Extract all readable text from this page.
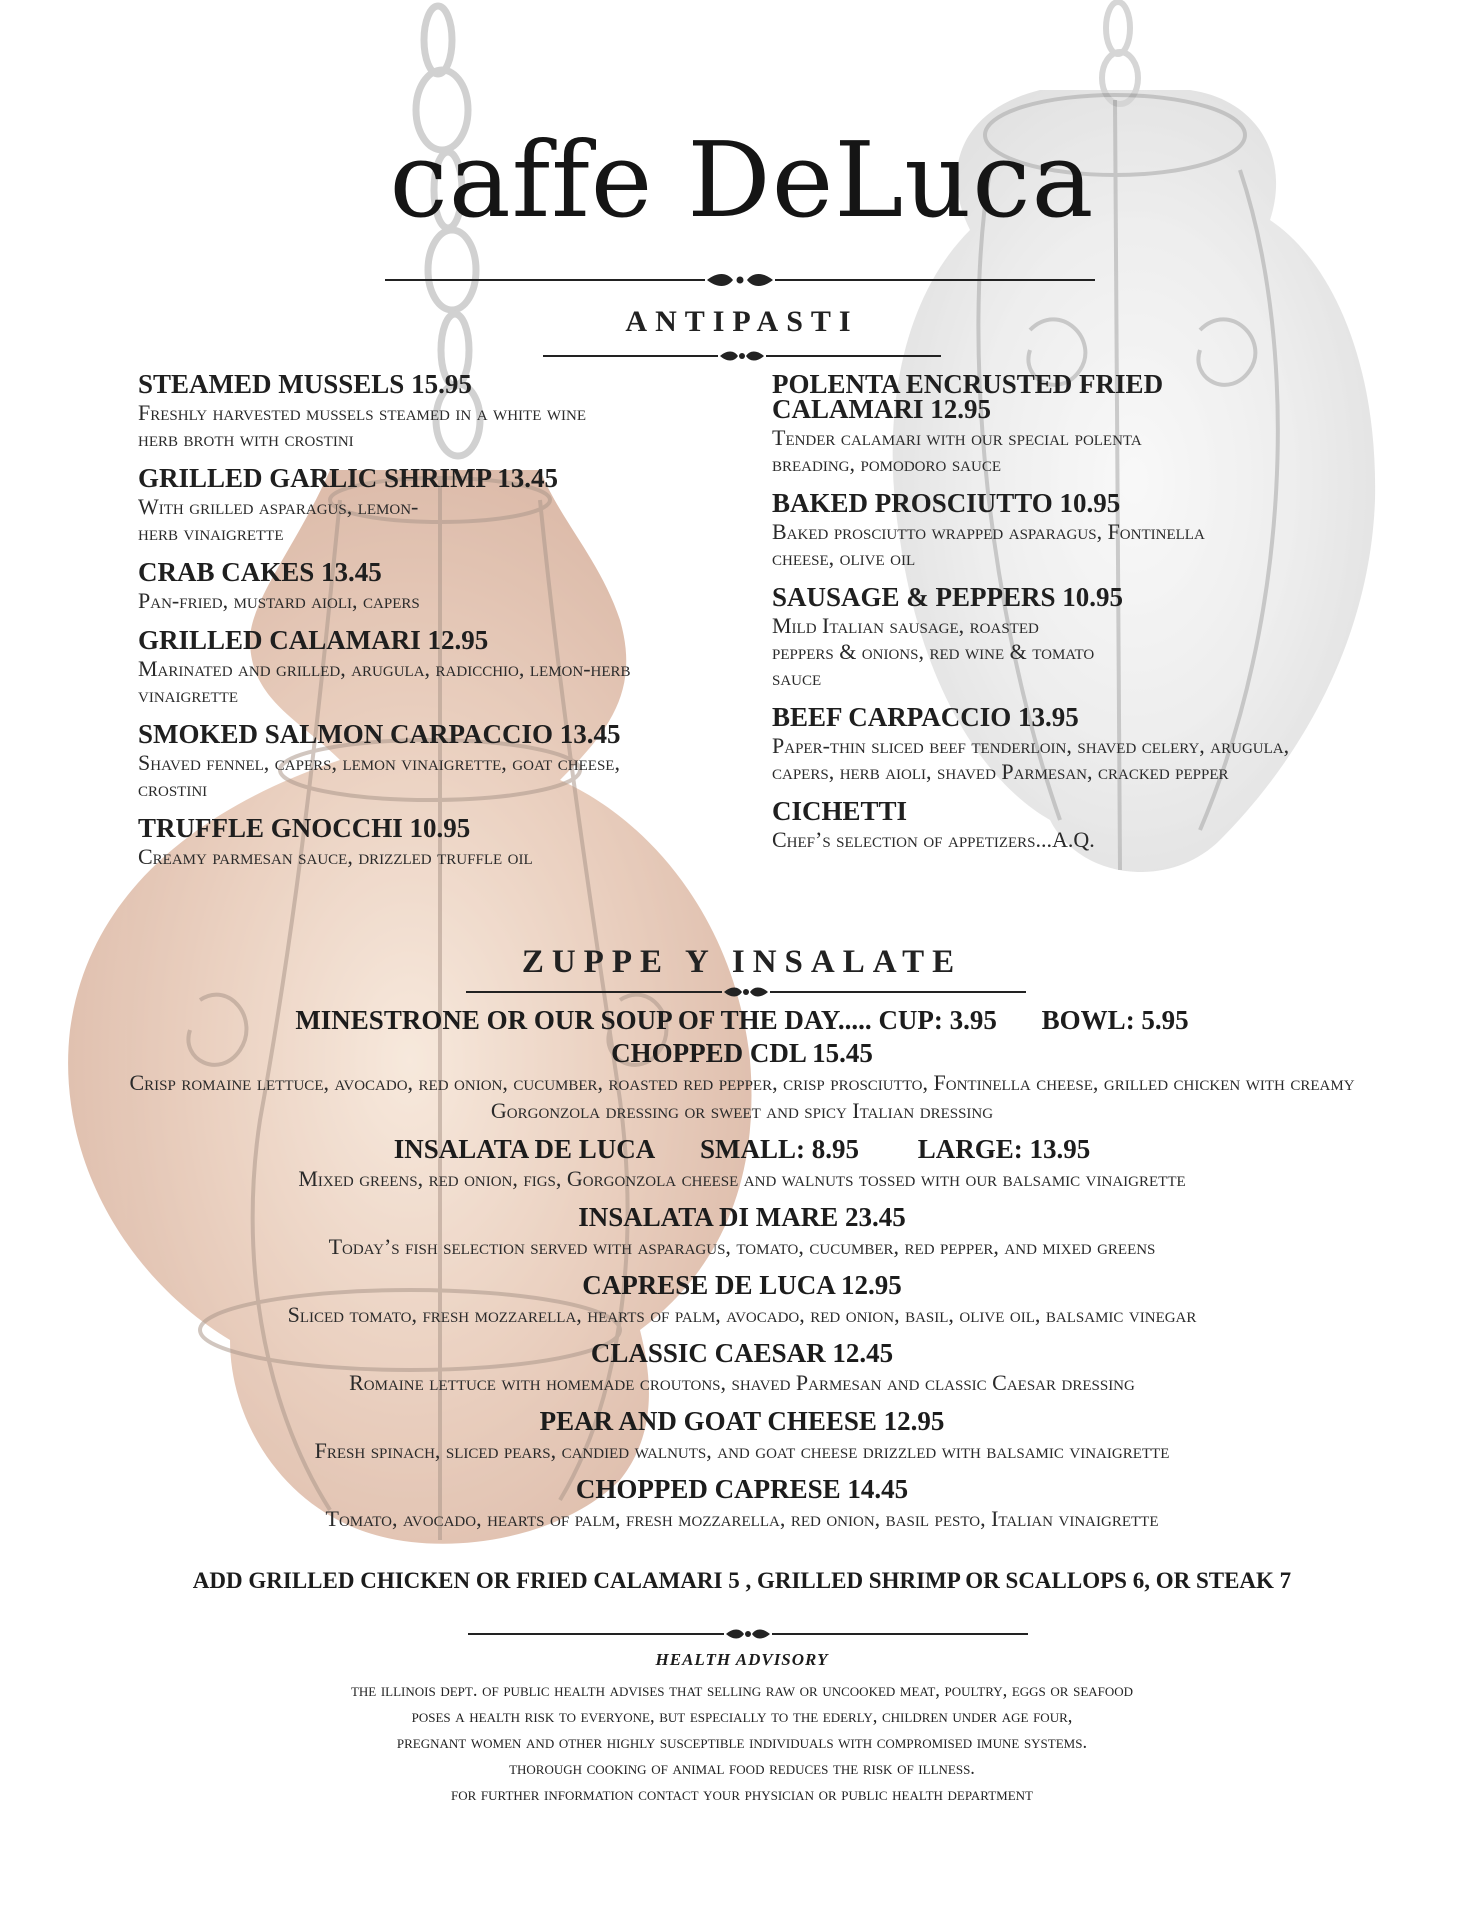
caffe DeLuca
ANTIPASTI
STEAMED MUSSELS 15.95
Freshly harvested mussels steamed in a white wine herb broth with crostini
GRILLED GARLIC SHRIMP 13.45
With grilled asparagus, lemon-herb vinaigrette
CRAB CAKES 13.45
Pan-fried, mustard aioli, capers
GRILLED CALAMARI 12.95
Marinated and grilled, arugula, radicchio, lemon-herb vinaigrette
SMOKED SALMON CARPACCIO 13.45
Shaved fennel, capers, lemon vinaigrette, goat cheese, crostini
TRUFFLE GNOCCHI 10.95
Creamy parmesan sauce, drizzled truffle oil
POLENTA ENCRUSTED FRIED CALAMARI 12.95
Tender calamari with our special polenta breading, pomodoro sauce
BAKED PROSCIUTTO 10.95
Baked prosciutto wrapped asparagus, Fontinella cheese, olive oil
SAUSAGE & PEPPERS 10.95
Mild Italian sausage, roasted peppers & onions, red wine & tomato sauce
BEEF CARPACCIO 13.95
Paper-thin sliced beef tenderloin, shaved celery, arugula, capers, herb aioli, shaved Parmesan, cracked pepper
CICHETTI
Chef’s selection of appetizers...A.Q.
ZUPPE Y INSALATE
MINESTRONE OR OUR SOUP OF THE DAY..... CUP: 3.95 BOWL: 5.95
CHOPPED CDL 15.45
Crisp romaine lettuce, avocado, red onion, cucumber, roasted red pepper, crisp prosciutto, Fontinella cheese, grilled chicken with creamy Gorgonzola dressing or sweet and spicy Italian dressing
INSALATA DE LUCA SMALL: 8.95 LARGE: 13.95
Mixed greens, red onion, figs, Gorgonzola cheese and walnuts tossed with our balsamic vinaigrette
INSALATA DI MARE 23.45
Today’s fish selection served with asparagus, tomato, cucumber, red pepper, and mixed greens
CAPRESE DE LUCA 12.95
Sliced tomato, fresh mozzarella, hearts of palm, avocado, red onion, basil, olive oil, balsamic vinegar
CLASSIC CAESAR 12.45
Romaine lettuce with homemade croutons, shaved Parmesan and classic Caesar dressing
PEAR AND GOAT CHEESE 12.95
Fresh spinach, sliced pears, candied walnuts, and goat cheese drizzled with balsamic vinaigrette
CHOPPED CAPRESE 14.45
Tomato, avocado, hearts of palm, fresh mozzarella, red onion, basil pesto, Italian vinaigrette
ADD GRILLED CHICKEN OR FRIED CALAMARI 5 , GRILLED SHRIMP OR SCALLOPS 6, OR STEAK 7
HEALTH ADVISORY
the illinois dept. of public health advises that selling raw or uncooked meat, poultry, eggs or seafood
poses a health risk to everyone, but especially to the ederly, children under age four,
pregnant women and other highly susceptible individuals with compromised imune systems.
thorough cooking of animal food reduces the risk of illness.
for further information contact your physician or public health department
